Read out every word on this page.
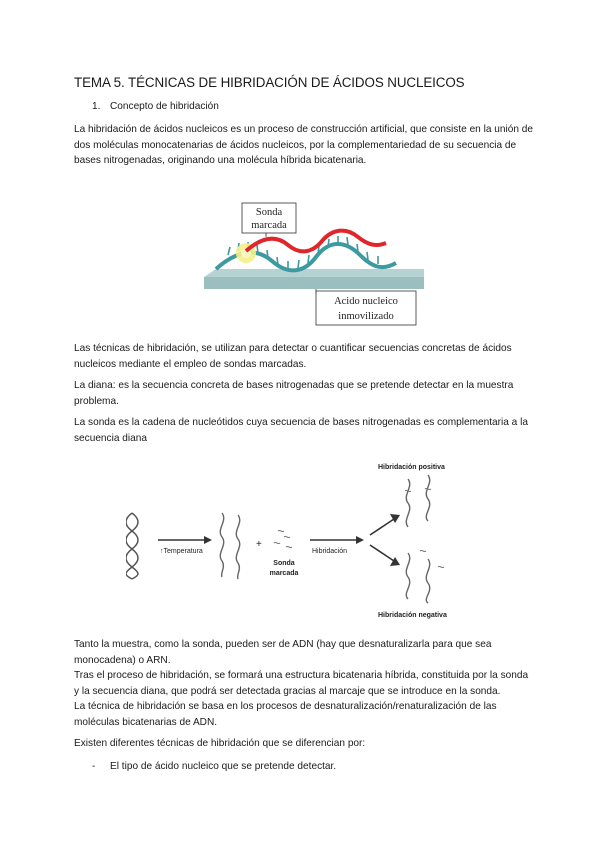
TEMA 5. TÉCNICAS DE HIBRIDACIÓN DE ÁCIDOS NUCLEICOS
1. Concepto de hibridación
La hibridación de ácidos nucleicos es un proceso de construcción artificial, que consiste en la unión de dos moléculas monocatenarias de ácidos nucleicos, por la complementariedad de su secuencia de bases nitrogenadas, originando una molécula híbrida bicatenaria.
Sonda
marcada
Acido nucleico
inmovilizado
Las técnicas de hibridación, se utilizan para detectar o cuantificar secuencias concretas de ácidos nucleicos mediante el empleo de sondas marcadas.
La diana: es la secuencia concreta de bases nitrogenadas que se pretende detectar en la muestra problema.
La sonda es la cadena de nucleótidos cuya secuencia de bases nitrogenadas es complementaria a la secuencia diana
↑Temperatura
+
Sonda
marcada
Hibridación
Hibridación positiva
Hibridación negativa
Tanto la muestra, como la sonda, pueden ser de ADN (hay que desnaturalizarla para que sea monocadena) o ARN.
Tras el proceso de hibridación, se formará una estructura bicatenaria híbrida, constituida por la sonda y la secuencia diana, que podrá ser detectada gracias al marcaje que se introduce en la sonda.
La técnica de hibridación se basa en los procesos de desnaturalización/renaturalización de las moléculas bicatenarias de ADN.
Existen diferentes técnicas de hibridación que se diferencian por:
- El tipo de ácido nucleico que se pretende detectar.
